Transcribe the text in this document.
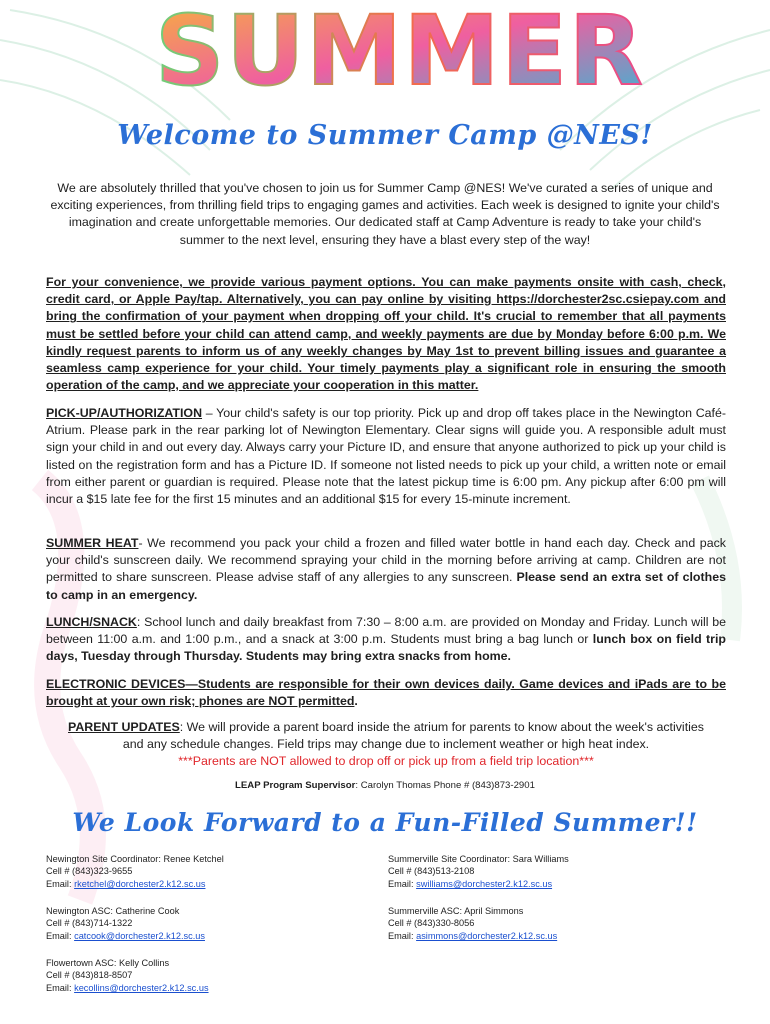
SUMMER
Welcome to Summer Camp @NES!
We are absolutely thrilled that you've chosen to join us for Summer Camp @NES! We've curated a series of unique and exciting experiences, from thrilling field trips to engaging games and activities. Each week is designed to ignite your child's imagination and create unforgettable memories. Our dedicated staff at Camp Adventure is ready to take your child's summer to the next level, ensuring they have a blast every step of the way!
For your convenience, we provide various payment options. You can make payments onsite with cash, check, credit card, or Apple Pay/tap. Alternatively, you can pay online by visiting https://dorchester2sc.csiepay.com and bring the confirmation of your payment when dropping off your child. It's crucial to remember that all payments must be settled before your child can attend camp, and weekly payments are due by Monday before 6:00 p.m. We kindly request parents to inform us of any weekly changes by May 1st to prevent billing issues and guarantee a seamless camp experience for your child. Your timely payments play a significant role in ensuring the smooth operation of the camp, and we appreciate your cooperation in this matter.
PICK-UP/AUTHORIZATION – Your child's safety is our top priority. Pick up and drop off takes place in the Newington Café-Atrium. Please park in the rear parking lot of Newington Elementary. Clear signs will guide you. A responsible adult must sign your child in and out every day. Always carry your Picture ID, and ensure that anyone authorized to pick up your child is listed on the registration form and has a Picture ID. If someone not listed needs to pick up your child, a written note or email from either parent or guardian is required. Please note that the latest pickup time is 6:00 pm. Any pickup after 6:00 pm will incur a $15 late fee for the first 15 minutes and an additional $15 for every 15-minute increment.
SUMMER HEAT- We recommend you pack your child a frozen and filled water bottle in hand each day. Check and pack your child's sunscreen daily. We recommend spraying your child in the morning before arriving at camp. Children are not permitted to share sunscreen. Please advise staff of any allergies to any sunscreen. Please send an extra set of clothes to camp in an emergency.
LUNCH/SNACK: School lunch and daily breakfast from 7:30 – 8:00 a.m. are provided on Monday and Friday. Lunch will be between 11:00 a.m. and 1:00 p.m., and a snack at 3:00 p.m. Students must bring a bag lunch or lunch box on field trip days, Tuesday through Thursday. Students may bring extra snacks from home.
ELECTRONIC DEVICES—Students are responsible for their own devices daily. Game devices and iPads are to be brought at your own risk; phones are NOT permitted.
PARENT UPDATES: We will provide a parent board inside the atrium for parents to know about the week's activities and any schedule changes. Field trips may change due to inclement weather or high heat index.
***Parents are NOT allowed to drop off or pick up from a field trip location***
LEAP Program Supervisor: Carolyn Thomas Phone # (843)873-2901
We Look Forward to a Fun-Filled Summer!!
Newington Site Coordinator: Renee Ketchel
Cell # (843)323-9655
Email: rketchel@dorchester2.k12.sc.us
Summerville Site Coordinator: Sara Williams
Cell # (843)513-2108
Email: swilliams@dorchester2.k12.sc.us
Newington ASC: Catherine Cook
Cell # (843)714-1322
Email: catcook@dorchester2.k12.sc.us
Summerville ASC: April Simmons
Cell # (843)330-8056
Email: asimmons@dorchester2.k12.sc.us
Flowertown ASC: Kelly Collins
Cell # (843)818-8507
Email: kecollins@dorchester2.k12.sc.us
